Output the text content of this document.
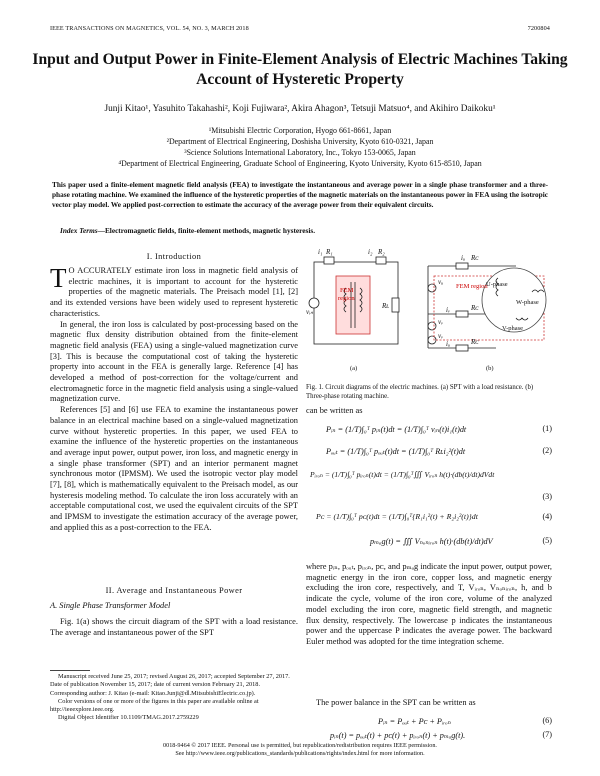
IEEE TRANSACTIONS ON MAGNETICS, VOL. 54, NO. 3, MARCH 2018	7200804
Input and Output Power in Finite-Element Analysis of Electric Machines Taking Account of Hysteretic Property
Junji Kitao¹, Yasuhito Takahashi², Koji Fujiwara², Akira Ahagon³, Tetsuji Matsuo⁴, and Akihiro Daikoku¹
¹Mitsubishi Electric Corporation, Hyogo 661-8661, Japan
²Department of Electrical Engineering, Doshisha University, Kyoto 610-0321, Japan
³Science Solutions International Laboratory, Inc., Tokyo 153-0065, Japan
⁴Department of Electrical Engineering, Graduate School of Engineering, Kyoto University, Kyoto 615-8510, Japan
This paper used a finite-element magnetic field analysis (FEA) to investigate the instantaneous and average power in a single phase transformer and a three-phase rotating machine. We examined the influence of the hysteretic properties of the magnetic materials on the instantaneous power in FEA using the isotropic vector play model. We applied post-correction to estimate the accuracy of the average power from their equivalent circuits.
Index Terms—Electromagnetic fields, finite-element methods, magnetic hysteresis.
I. Introduction

T O ACCURATELY estimate iron loss in magnetic field analysis of electric machines, it is important to account for the hysteretic properties of the magnetic materials. The Preisach model [1], [2] and its extended versions have been widely used to represent hysteretic characteristics.

In general, the iron loss is calculated by post-processing based on the magnetic flux density distribution obtained from the finite-element magnetic field analysis (FEA) using a single-valued magnetization curve [3]. This is because the computational cost of taking the hysteretic property into account in the FEA is generally large. Reference [4] has developed a method of post-correction for the voltage/current and electromagnetic force in the magnetic field analysis using a single-valued magnetization curve.

References [5] and [6] use FEA to examine the instantaneous power balance in an electrical machine based on a single-valued magnetization curve without hysteretic properties. In this paper, we used FEA to examine the influence of the hysteretic properties on the instantaneous and average input power, output power, iron loss, and magnetic energy in a single phase transformer (SPT) and an interior permanent magnet synchronous motor (IPMSM). We used the isotropic vector play model [7], [8], which is mathematically equivalent to the Preisach model, as our hysteresis modeling method. To calculate the iron loss accurately with an acceptable computational cost, we used the equivalent circuits of the SPT and IPMSM to investigate the estimation accuracy of the average power, and applied this as a post-correction to the FEA.

II. Average and Instantaneous Power
A. Single Phase Transformer Model

Fig. 1(a) shows the circuit diagram of the SPT with a load resistance. The average and instantaneous power of the SPT

Manuscript received June 25, 2017; revised August 26, 2017; accepted September 27, 2017. Date of publication November 15, 2017; date of current version February 21, 2018. Corresponding author: J. Kitao (e-mail: Kitao.Junji@dl.MitsubishiElectric.co.jp).
Color versions of one or more of the figures in this paper are available online at http://ieeexplore.ieee.org.
Digital Object Identifier 10.1109/TMAG.2017.2759229
0018-9464 © 2017 IEEE. Personal use is permitted, but republication/redistribution requires IEEE permission.
See http://www.ieee.org/publications_standards/publications/rights/index.html for more information.
i₁ R₁
vᵢₙ
i₂ R₂
Rʟ
iᵤ Rᴄ
vᵤ
vᵥ
vᵥ
iᵥ
iᵤ
Rᴄ
Rᴄ
FEM
region
FEM region
U-phase
V-phase
W-phase
(a)	(b)
Fig. 1. Circuit diagrams of the electric machines. (a) SPT with a load resistance. (b) Three-phase rotating machine.
can be written as
Pᵢₙ = (1/T)∫₀ᵀ pᵢₙ(t)dt = (1/T)∫₀ᵀ vᵢₙ(t)i₁(t)dt	(1)
Pₒᵤₜ = (1/T)∫₀ᵀ pₒᵤₜ(t)dt = (1/T)∫₀ᵀ Rʟi₂²(t)dt	(2)
Pᵢᵣₒₙ = (1/T)∫₀ᵀ pᵢᵣₒₙ(t)dt = (1/T)∫₀ᵀ∭ Vᵢᵣₒₙ h(t)·(db(t)/dt)dVdt
(3)
Pᴄ = (1/T)∫₀ᵀ pᴄ(t)dt = (1/T)∫₀ᵀ{R₁i₁²(t) + R₂i₂²(t)}dt	(4)
pₘₐg(t) = ∭ Vₙₒₙᵢᵣₒₙ h(t)·(db(t)/dt)dV	(5)
where pᵢₙ, pₒᵤₜ, pᵢᵣₒₙ, pᴄ, and pₘₐg indicate the input power, output power, magnetic energy in the iron core, copper loss, and magnetic energy excluding the iron core, respectively, and T, Vᵢᵣₒₙ, Vₙₒₙᵢᵣₒₙ, h, and b indicate the cycle, volume of the iron core, volume of the analyzed model excluding the iron core, magnetic field strength, and magnetic flux density, respectively. The lowercase p indicates the instantaneous power and the uppercase P indicates the average power. The backward Euler method was adopted for the time integration scheme.
The power balance in the SPT can be written as
Pᵢₙ = Pₒᵤₜ + Pᴄ + Pᵢᵣₒₙ	(6)
pᵢₙ(t) = pₒᵤₜ(t) + pᴄ(t) + pᵢᵣₒₙ(t) + pₘₐg(t).	(7)
